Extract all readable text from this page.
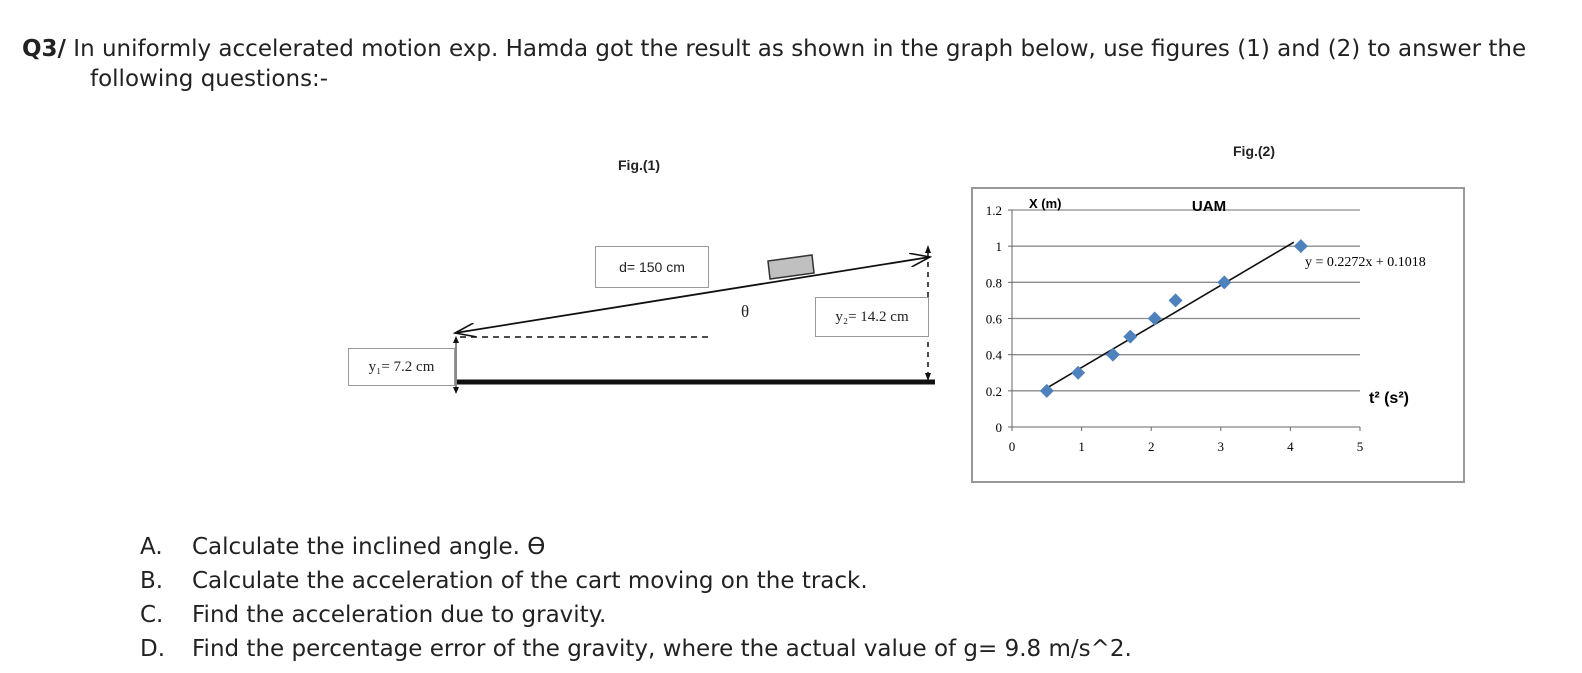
Q3/ In uniformly accelerated motion exp. Hamda got the result as shown in the graph below, use figures (1) and (2) to answer the
following questions:-
Fig.(1)
d= 150 cm
θ	y₂= 14.2 cm
y₁= 7.2 cm
Fig.(2)
0
0.2
0.4
0.6
0.8
1
1.2
0	1	2	3	4	5
UAM
X (m)
t² (s²)
y = 0.2272x + 0.1018
A.	Calculate the inclined angle. Ɵ
B.	Calculate the acceleration of the cart moving on the track.
C.	Find the acceleration due to gravity.
D.	Find the percentage error of the gravity, where the actual value of g= 9.8 m/s^2.
